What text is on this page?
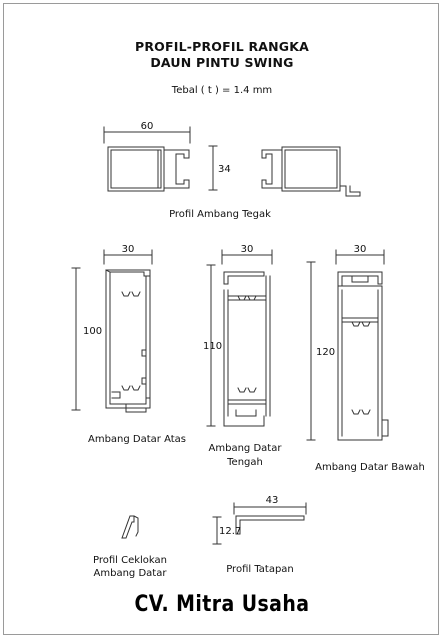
PROFIL-PROFIL RANGKA
DAUN PINTU SWING
Tebal ( t ) = 1.4 mm
60
34
30
100
30
110
30
120
43
12.7
Profil Ambang Tegak
Ambang Datar Atas
Ambang Datar
Tengah	Ambang Datar Bawah
Profil Ceklokan
Ambang Datar	Profil Tatapan
CV. Mitra Usaha
